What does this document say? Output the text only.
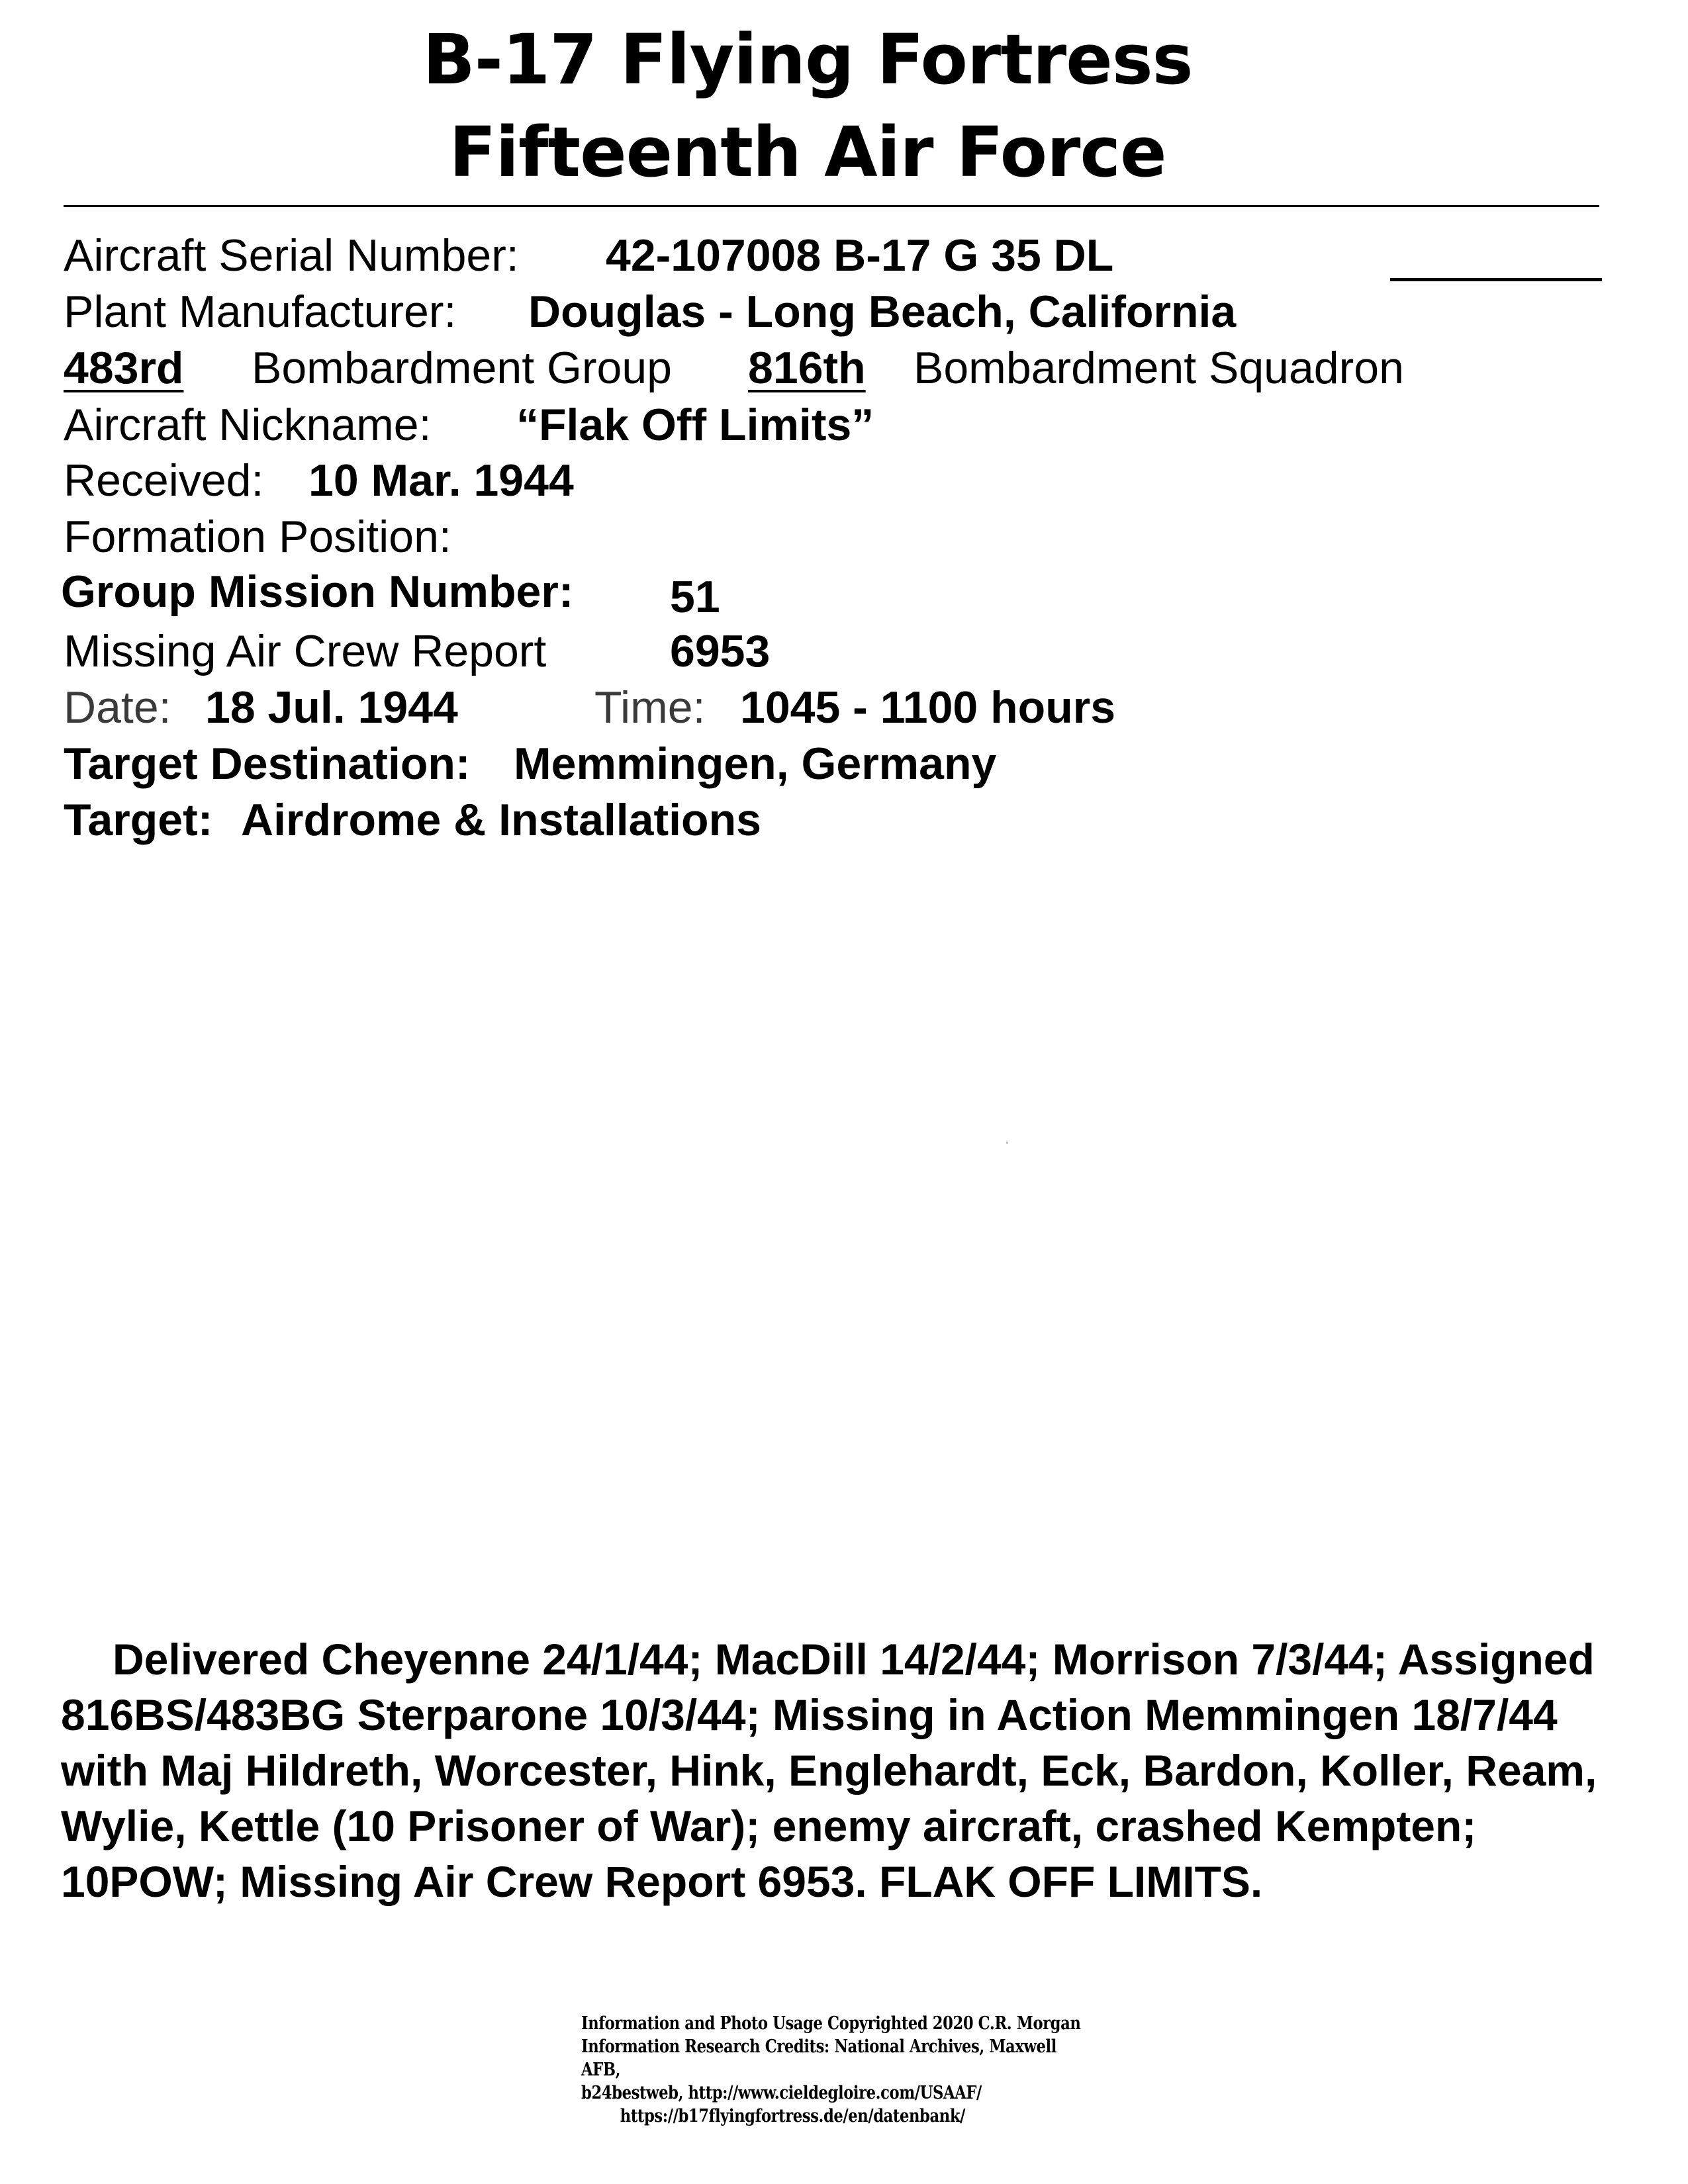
B-17 Flying Fortress
Fifteenth Air Force
Aircraft Serial Number: 42-107008 B-17 G 35 DL
Plant Manufacturer: Douglas - Long Beach, California
483rd	Bombardment Group 816th	Bombardment Squadron
Aircraft Nickname: “Flak Off Limits”
Received: 10 Mar. 1944
Formation Position:
Group Mission Number: 51
Missing Air Crew Report	6953
Date: 18 Jul. 1944	Time: 1045 - 1100 hours
Target Destination: Memmingen, Germany
Target: Airdrome & Installations
Delivered Cheyenne 24/1/44; MacDill 14/2/44; Morrison 7/3/44; Assigned 816BS/483BG Sterparone 10/3/44; Missing in Action Memmingen 18/7/44 with Maj Hildreth, Worcester, Hink, Englehardt, Eck, Bardon, Koller, Ream, Wylie, Kettle (10 Prisoner of War); enemy aircraft, crashed Kempten; 10POW; Missing Air Crew Report 6953. FLAK OFF LIMITS.
Information and Photo Usage Copyrighted 2020 C.R. Morgan
Information Research Credits: National Archives, Maxwell AFB,
b24bestweb, http://www.cieldegloire.com/USAAF/
https://b17flyingfortress.de/en/datenbank/
